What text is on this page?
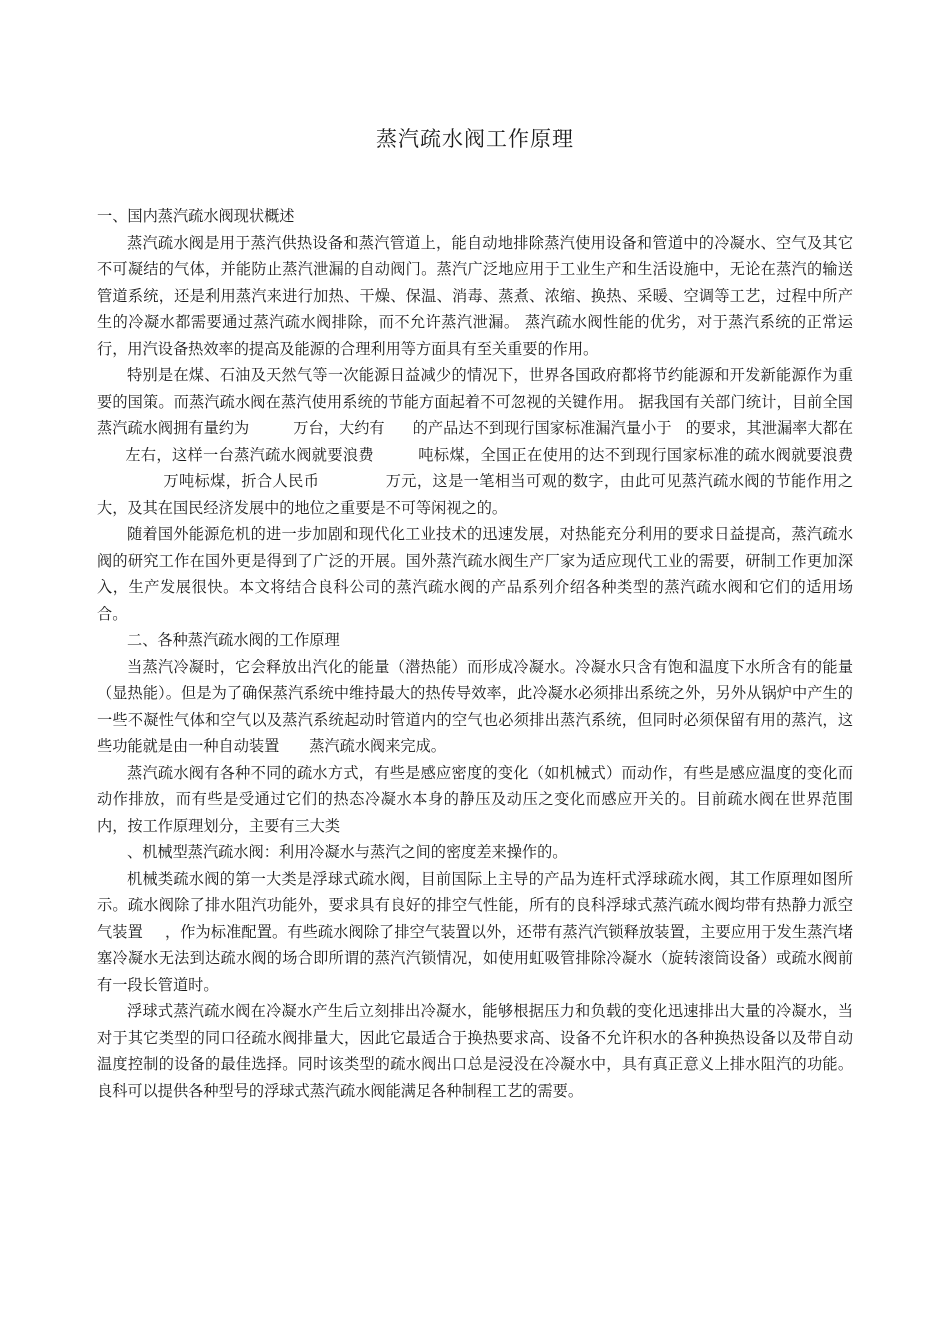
蒸汽疏水阀工作原理

一、国内蒸汽疏水阀现状概述

蒸汽疏水阀是用于蒸汽供热设备和蒸汽管道上，能自动地排除蒸汽使用设备和管道中的冷凝水、空气及其它不可凝结的气体，并能防止蒸汽泄漏的自动阀门。蒸汽广泛地应用于工业生产和生活设施中，无论在蒸汽的输送管道系统，还是利用蒸汽来进行加热、干燥、保温、消毒、蒸煮、浓缩、换热、采暖、空调等工艺，过程中所产生的冷凝水都需要通过蒸汽疏水阀排除，而不允许蒸汽泄漏。 蒸汽疏水阀性能的优劣，对于蒸汽系统的正常运行，用汽设备热效率的提高及能源的合理利用等方面具有至关重要的作用。

特别是在煤、石油及天然气等一次能源日益减少的情况下，世界各国政府都将节约能源和开发新能源作为重要的国策。而蒸汽疏水阀在蒸汽使用系统的节能方面起着不可忽视的关键作用。 据我国有关部门统计，目前全国蒸汽疏水阀拥有量约为	万台，大约有 的产品达不到现行国家标准漏汽量小于 的要求，其泄漏率大都在左右，这样一台蒸汽疏水阀就要浪费	吨标煤，全国正在使用的达不到现行国家标准的疏水阀就要浪费万吨标煤，折合人民币	万元，这是一笔相当可观的数字，由此可见蒸汽疏水阀的节能作用之大，及其在国民经济发展中的地位之重要是不可等闲视之的。

随着国外能源危机的进一步加剧和现代化工业技术的迅速发展，对热能充分利用的要求日益提高，蒸汽疏水阀的研究工作在国外更是得到了广泛的开展。国外蒸汽疏水阀生产厂家为适应现代工业的需要，研制工作更加深入，生产发展很快。本文将结合良科公司的蒸汽疏水阀的产品系列介绍各种类型的蒸汽疏水阀和它们的适用场合。

二、各种蒸汽疏水阀的工作原理

当蒸汽冷凝时，它会释放出汽化的能量（潜热能）而形成冷凝水。冷凝水只含有饱和温度下水所含有的能量（显热能）。但是为了确保蒸汽系统中维持最大的热传导效率，此冷凝水必须排出系统之外，另外从锅炉中产生的一些不凝性气体和空气以及蒸汽系统起动时管道内的空气也必须排出蒸汽系统，但同时必须保留有用的蒸汽，这些功能就是由一种自动装置 蒸汽疏水阀来完成。

蒸汽疏水阀有各种不同的疏水方式，有些是感应密度的变化（如机械式）而动作，有些是感应温度的变化而动作排放，而有些是受通过它们的热态冷凝水本身的静压及动压之变化而感应开关的。目前疏水阀在世界范围内，按工作原理划分，主要有三大类

、机械型蒸汽疏水阀：利用冷凝水与蒸汽之间的密度差来操作的。

机械类疏水阀的第一大类是浮球式疏水阀，目前国际上主导的产品为连杆式浮球疏水阀，其工作原理如图所示。疏水阀除了排水阻汽功能外，要求具有良好的排空气性能，所有的良科浮球式蒸汽疏水阀均带有热静力派空气装置 ，作为标准配置。有些疏水阀除了排空气装置以外，还带有蒸汽汽锁释放装置，主要应用于发生蒸汽堵塞冷凝水无法到达疏水阀的场合即所谓的蒸汽汽锁情况，如使用虹吸管排除冷凝水（旋转滚筒设备）或疏水阀前有一段长管道时。

浮球式蒸汽疏水阀在冷凝水产生后立刻排出冷凝水，能够根据压力和负载的变化迅速排出大量的冷凝水，当对于其它类型的同口径疏水阀排量大，因此它最适合于换热要求高、设备不允许积水的各种换热设备以及带自动温度控制的设备的最佳选择。同时该类型的疏水阀出口总是浸没在冷凝水中，具有真正意义上排水阻汽的功能。良科可以提供各种型号的浮球式蒸汽疏水阀能满足各种制程工艺的需要。
